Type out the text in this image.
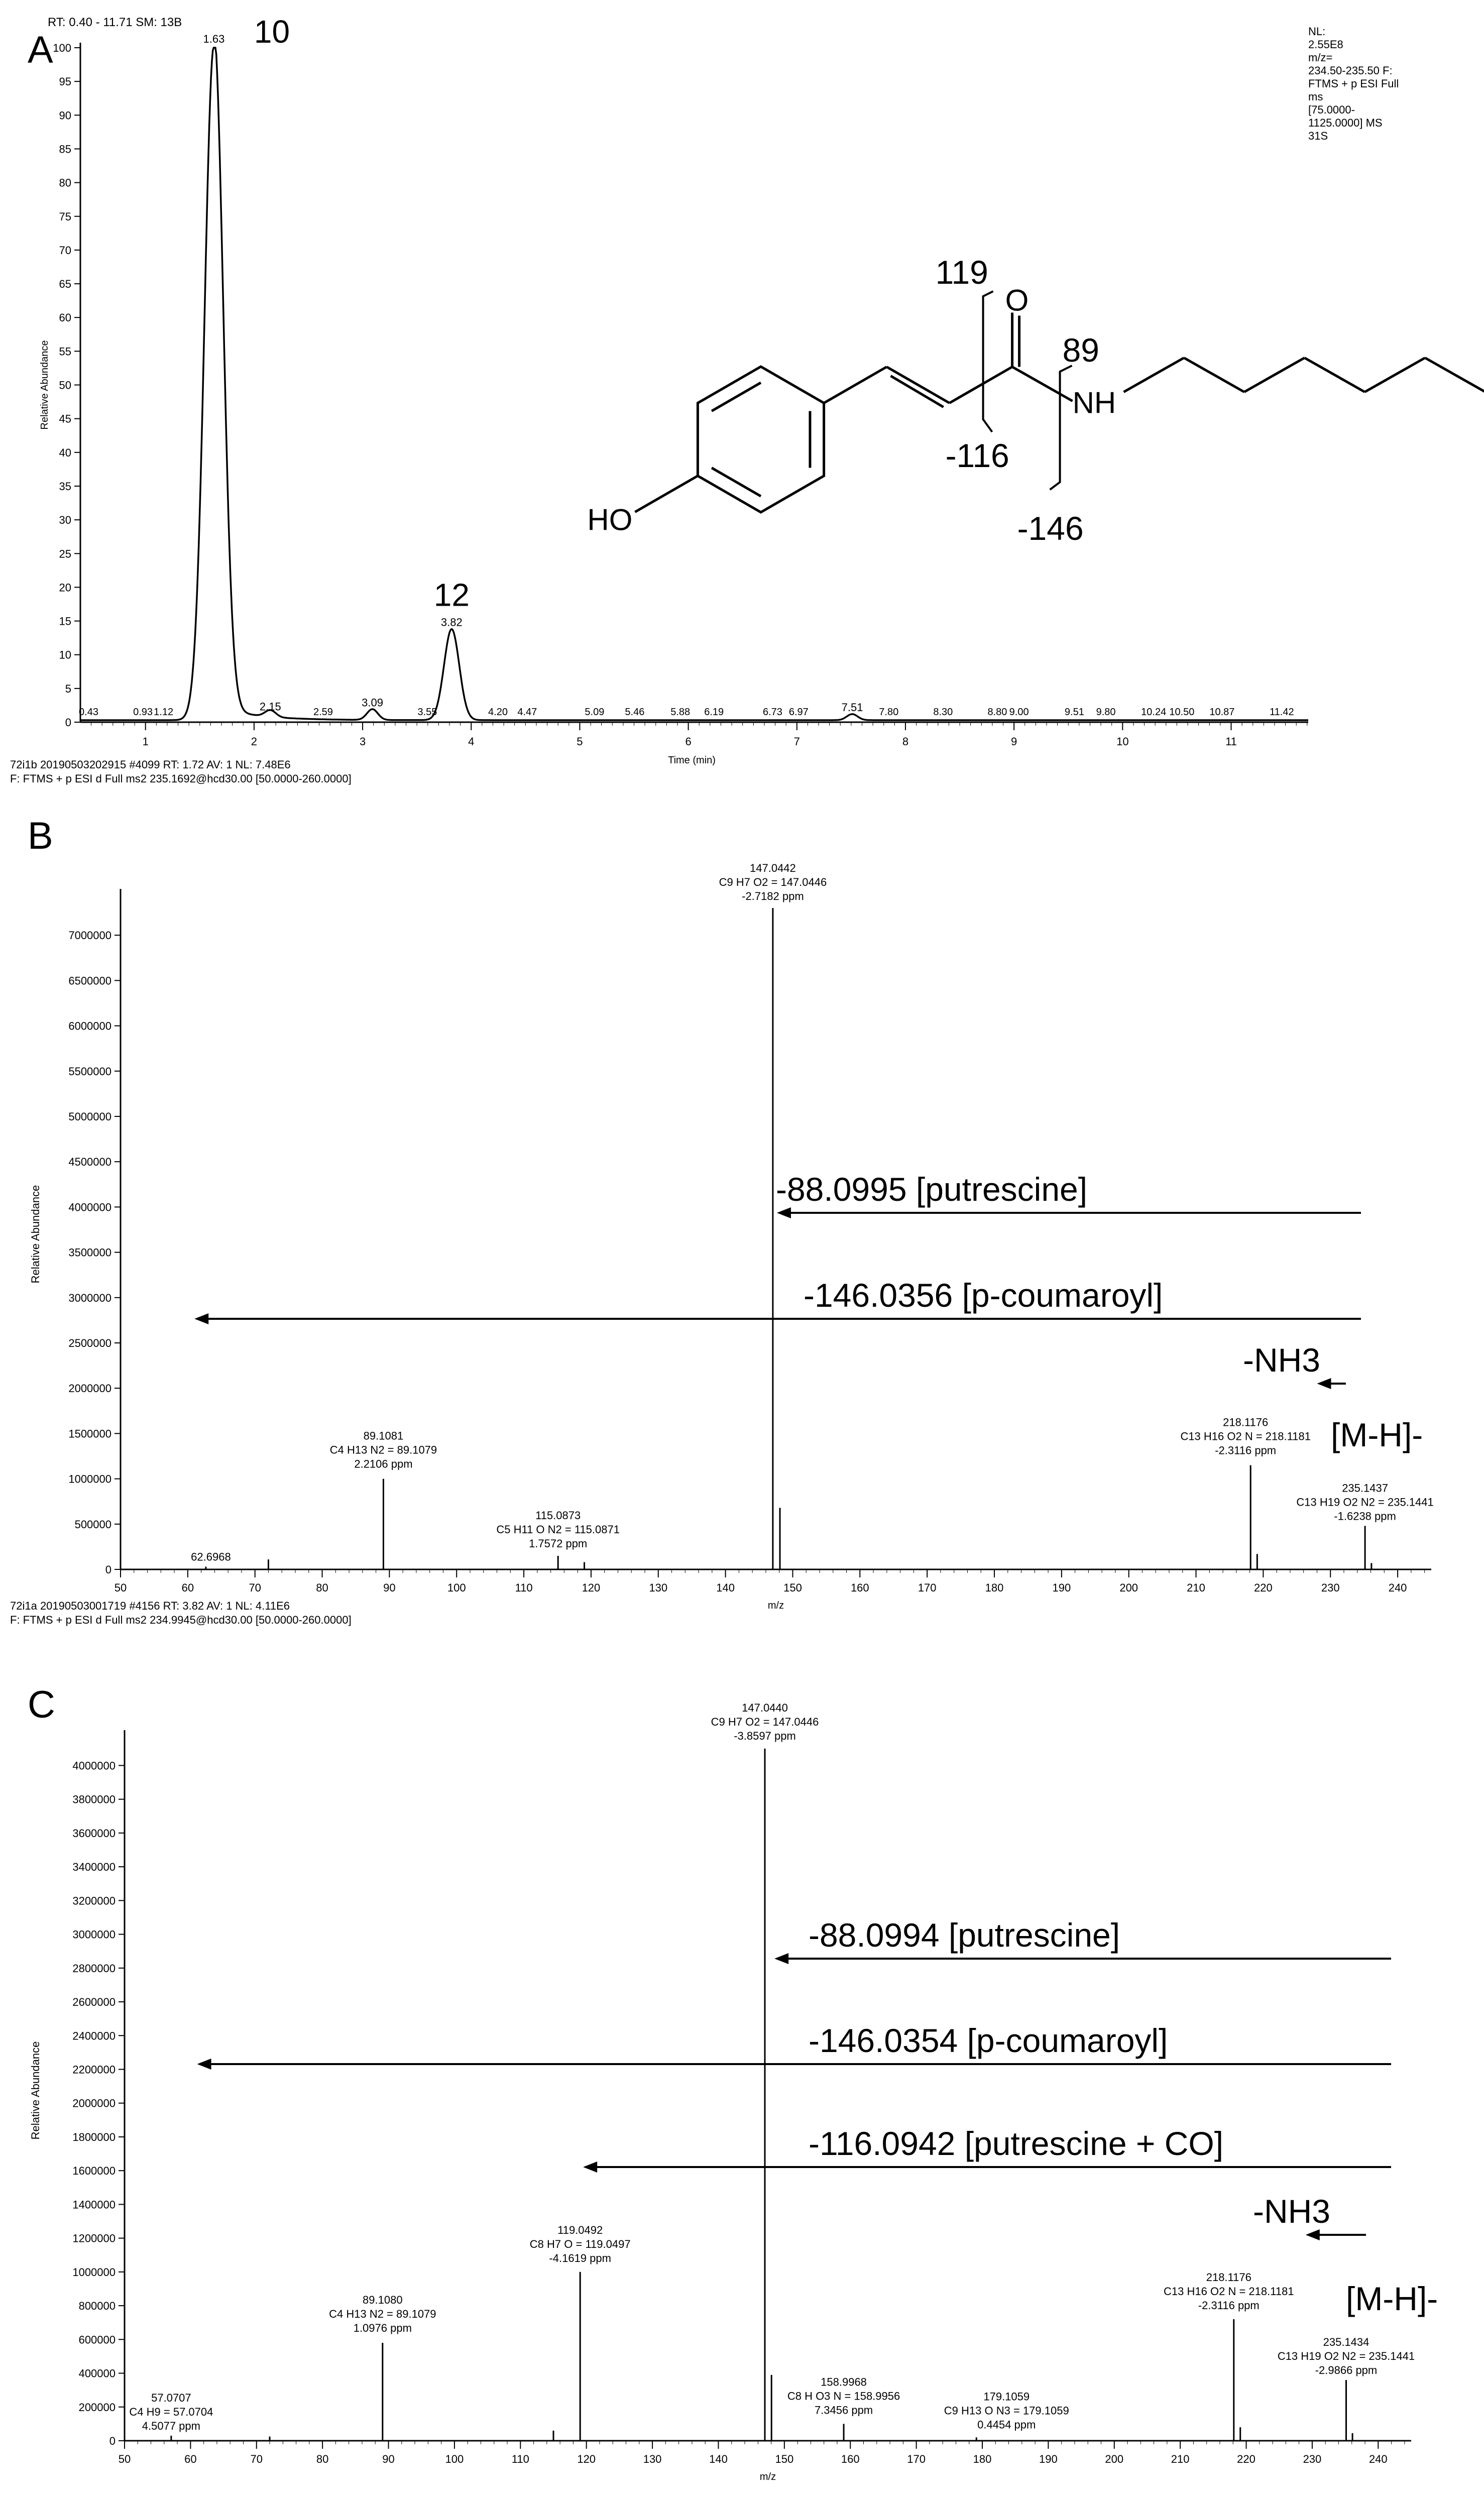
A
RT: 0.40 - 11.71 SM: 13B
NL:
2.55E8
m/z=
234.50-235.50 F:
FTMS + p ESI Full
ms
[75.0000-
1125.0000] MS
31S
0
5
10
15
20
25
30
35
40
45
50
55
60
65
70
75
80
85
90
95
100
1	2	3	4	5	6	7	8	9	10	11
Time (min)
Relative Abundance
1.63 10
3.82
12
2.15	3.09	7.51
0.43	0.93 1.12	2.59	3.55	4.20 4.47	5.09 5.46	5.88 6.19	6.73 6.97	7.80	8.30	8.80 9.00	9.51 9.80	10.24 10.50 10.87	11.42
O
NH
HO
119
89
-116
-146
72i1b 20190503202915 #4099 RT: 1.72 AV: 1 NL: 7.48E6
F: FTMS + p ESI d Full ms2 235.1692@hcd30.00 [50.0000-260.0000]
B
0
500000
1000000
1500000
2000000
2500000
3000000
3500000
4000000
4500000
5000000
5500000
6000000
6500000
7000000
50	60	70	80	90	100	110	120	130	140	150	160	170	180	190	200	210	220	230	240
m/z
Relative Abundance
62.6968
89.1081
C4 H13 N2 = 89.1079
2.2106 ppm
115.0873
C5 H11 O N2 = 115.0871
1.7572 ppm
147.0442
C9 H7 O2 = 147.0446
-2.7182 ppm
218.1176
C13 H16 O2 N = 218.1181
-2.3116 ppm
235.1437
C13 H19 O2 N2 = 235.1441
-1.6238 ppm
-88.0995 [putrescine]
-146.0356 [p-coumaroyl]
-NH3
[M-H]-
72i1a 20190503001719 #4156 RT: 3.82 AV: 1 NL: 4.11E6
F: FTMS + p ESI d Full ms2 234.9945@hcd30.00 [50.0000-260.0000]
C
0
200000
400000
600000
800000
1000000
1200000
1400000
1600000
1800000
2000000
2200000
2400000
2600000
2800000
3000000
3200000
3400000
3600000
3800000
4000000
50	60	70	80	90	100	110	120	130	140	150	160	170	180	190	200	210	220	230	240
m/z
Relative Abundance
57.0707
C4 H9 = 57.0704
4.5077 ppm
89.1080
C4 H13 N2 = 89.1079
1.0976 ppm
119.0492
C8 H7 O = 119.0497
-4.1619 ppm
147.0440
C9 H7 O2 = 147.0446
-3.8597 ppm
158.9968
C8 H O3 N = 158.9956
7.3456 ppm
179.1059
C9 H13 O N3 = 179.1059
0.4454 ppm
218.1176
C13 H16 O2 N = 218.1181
-2.3116 ppm
235.1434
C13 H19 O2 N2 = 235.1441
-2.9866 ppm
-88.0994 [putrescine]
-146.0354 [p-coumaroyl]
-116.0942 [putrescine + CO]
-NH3
[M-H]-
